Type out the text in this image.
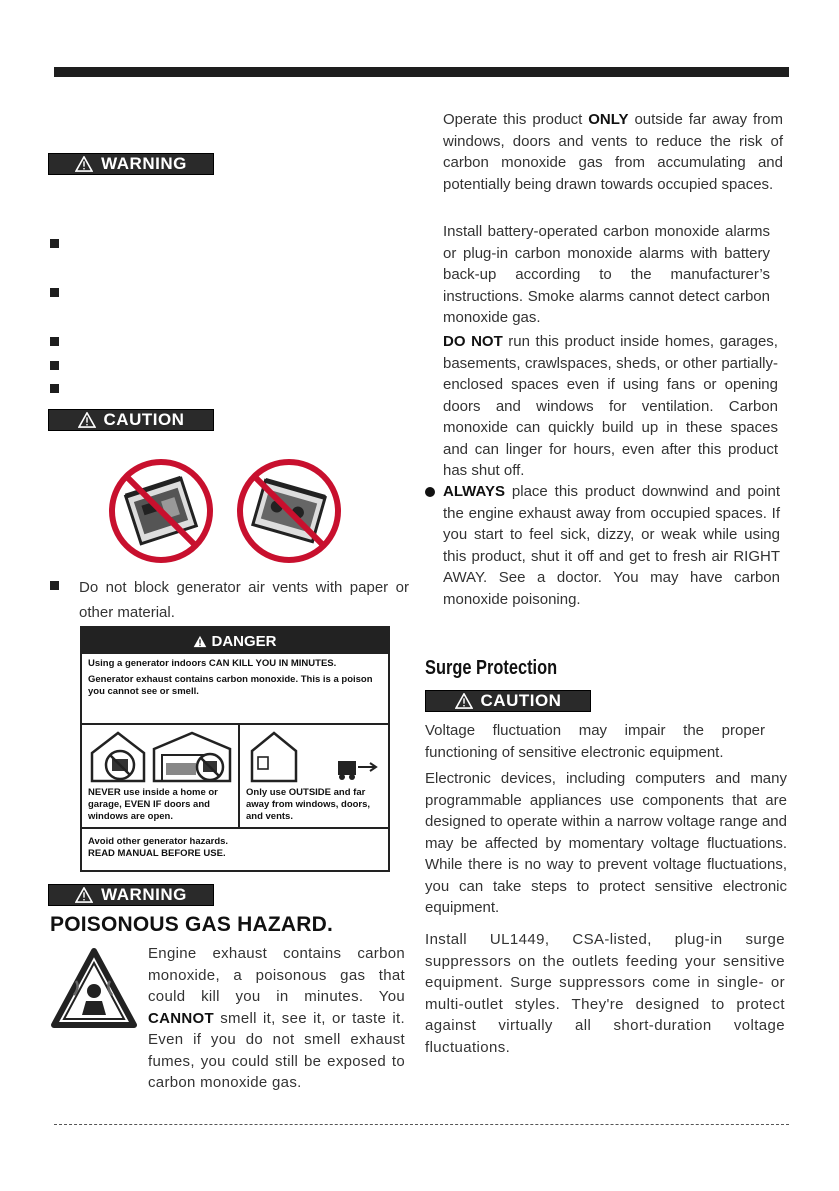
WARNING
CAUTION
Do not block generator air vents with paper or other material.
DANGER
Using a generator indoors CAN KILL YOU IN MINUTES.
Generator exhaust contains carbon monoxide. This is a poison you cannot see or smell.
NEVER use inside a home or garage, EVEN IF doors and windows are open.
Only use OUTSIDE and far away from windows, doors, and vents.
Avoid other generator hazards.
READ MANUAL BEFORE USE.
WARNING
POISONOUS GAS HAZARD.
Engine exhaust contains carbon monoxide, a poisonous gas that could kill you in minutes. You CANNOT smell it, see it, or taste it. Even if you do not smell exhaust fumes, you could still be exposed to carbon monoxide gas.
Operate this product ONLY outside far away from windows, doors and vents to reduce the risk of carbon monoxide gas from accumulating and potentially being drawn towards occupied spaces.
Install battery-operated carbon monoxide alarms or plug-in carbon monoxide alarms with battery back-up according to the manufacturer’s instructions. Smoke alarms cannot detect carbon monoxide gas.
DO NOT run this product inside homes, garages, basements, crawlspaces, sheds, or other partially-enclosed spaces even if using fans or opening doors and windows for ventilation. Carbon monoxide can quickly build up in these spaces and can linger for hours, even after this product has shut off.
ALWAYS place this product downwind and point the engine exhaust away from occupied spaces. If you start to feel sick, dizzy, or weak while using this product, shut it off and get to fresh air RIGHT AWAY. See a doctor. You may have carbon monoxide poisoning.
Surge Protection
CAUTION
Voltage fluctuation may impair the proper functioning of sensitive electronic equipment.
Electronic devices, including computers and many programmable appliances use components that are designed to operate within a narrow voltage range and may be affected by momentary voltage fluctuations. While there is no way to prevent voltage fluctuations, you can take steps to protect sensitive electronic equipment.
Install UL1449, CSA-listed, plug-in surge suppressors on the outlets feeding your sensitive equipment. Surge suppressors come in single- or multi-outlet styles. They're designed to protect against virtually all short-duration voltage fluctuations.
